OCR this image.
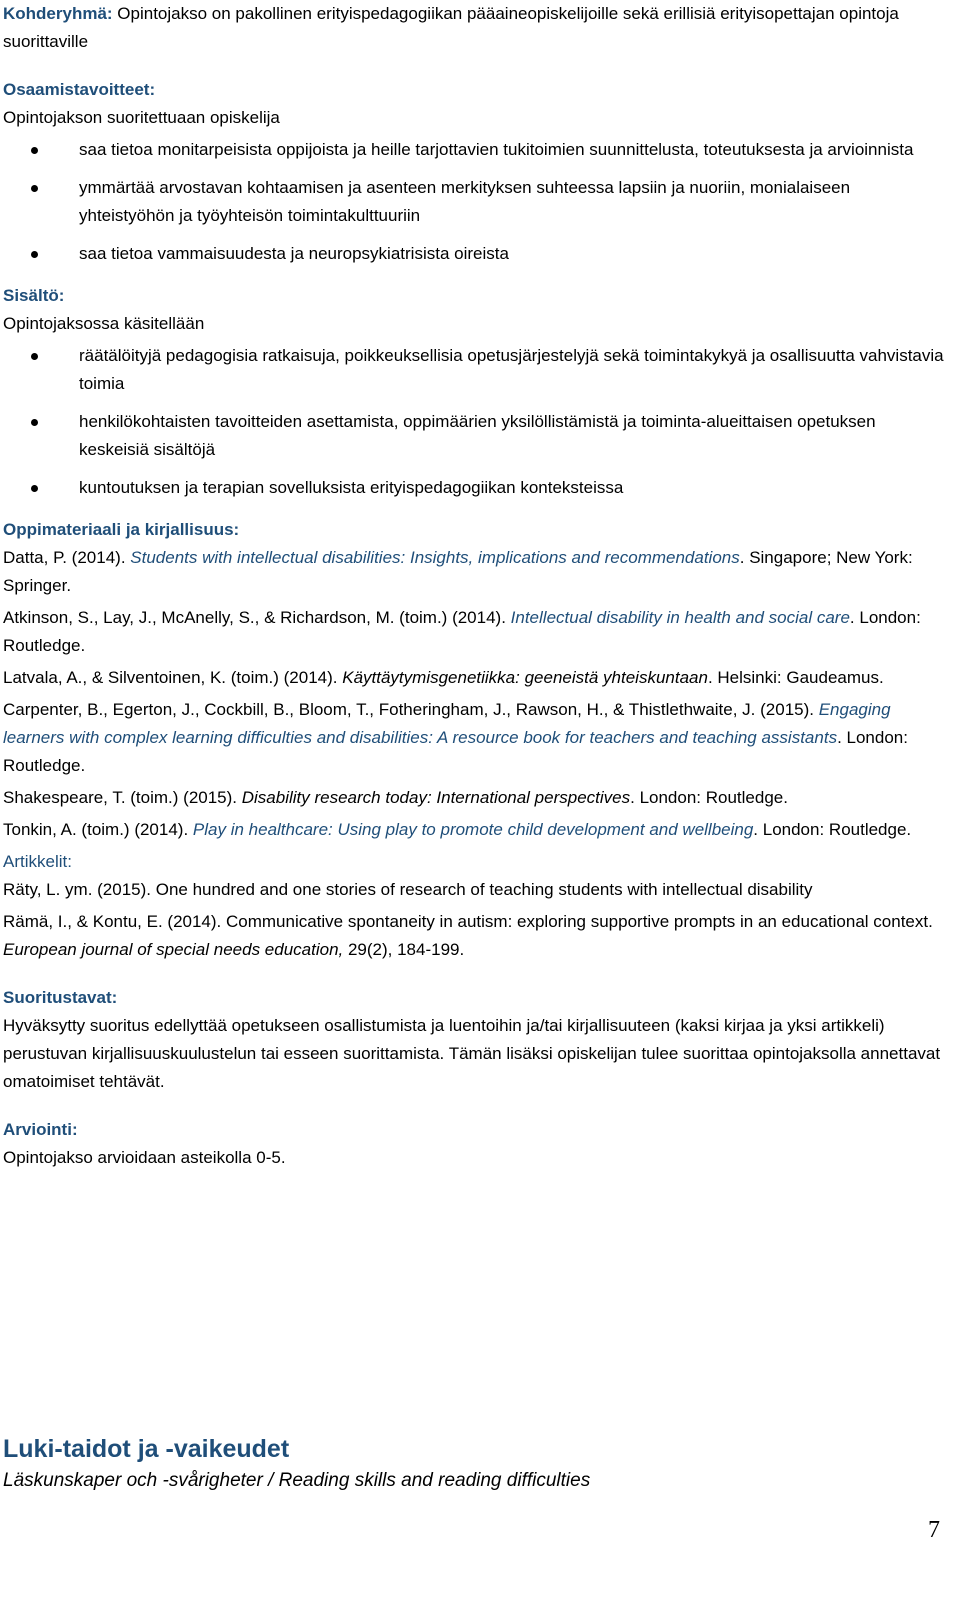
Kohderyhmä: Opintojakso on pakollinen erityispedagogiikan pääaineopiskelijoille sekä erillisiä erityisopettajan opintoja suorittaville

Osaamistavoitteet:

Opintojakson suoritettuaan opiskelija

saa tietoa monitarpeisista oppijoista ja heille tarjottavien tukitoimien suunnittelusta, toteutuksesta ja arvioinnista
ymmärtää arvostavan kohtaamisen ja asenteen merkityksen suhteessa lapsiin ja nuoriin, monialaiseen yhteistyöhön ja työyhteisön toimintakulttuuriin
saa tietoa vammaisuudesta ja neuropsykiatrisista oireista

Sisältö:

Opintojaksossa käsitellään

räätälöityjä pedagogisia ratkaisuja, poikkeuksellisia opetusjärjestelyjä sekä toimintakykyä ja osallisuutta vahvistavia toimia
henkilökohtaisten tavoitteiden asettamista, oppimäärien yksilöllistämistä ja toiminta-alueittaisen opetuksen keskeisiä sisältöjä
kuntoutuksen ja terapian sovelluksista erityispedagogiikan konteksteissa

Oppimateriaali ja kirjallisuus:

Datta, P. (2014). Students with intellectual disabilities: Insights, implications and recommendations. Singapore; New York: Springer.

Atkinson, S., Lay, J., McAnelly, S., & Richardson, M. (toim.) (2014). Intellectual disability in health and social care. London: Routledge.

Latvala, A., & Silventoinen, K. (toim.) (2014). Käyttäytymisgenetiikka: geeneistä yhteiskuntaan. Helsinki: Gaudeamus.

Carpenter, B., Egerton, J., Cockbill, B., Bloom, T., Fotheringham, J., Rawson, H., & Thistlethwaite, J. (2015). Engaging learners with complex learning difficulties and disabilities: A resource book for teachers and teaching assistants. London: Routledge.

Shakespeare, T. (toim.) (2015). Disability research today: International perspectives. London: Routledge.

Tonkin, A. (toim.) (2014). Play in healthcare: Using play to promote child development and wellbeing. London: Routledge.

Artikkelit:

Räty, L. ym. (2015). One hundred and one stories of research of teaching students with intellectual disability

Rämä, I., & Kontu, E. (2014). Communicative spontaneity in autism: exploring supportive prompts in an educational context. European journal of special needs education, 29(2), 184-199.

Suoritustavat:

Hyväksytty suoritus edellyttää opetukseen osallistumista ja luentoihin ja/tai kirjallisuuteen (kaksi kirjaa ja yksi artikkeli) perustuvan kirjallisuuskuulustelun tai esseen suorittamista. Tämän lisäksi opiskelijan tulee suorittaa opintojaksolla annettavat omatoimiset tehtävät.

Arviointi:

Opintojakso arvioidaan asteikolla 0-5.

Luki-taidot ja -vaikeudet
Läskunskaper och -svårigheter / Reading skills and reading difficulties
7
